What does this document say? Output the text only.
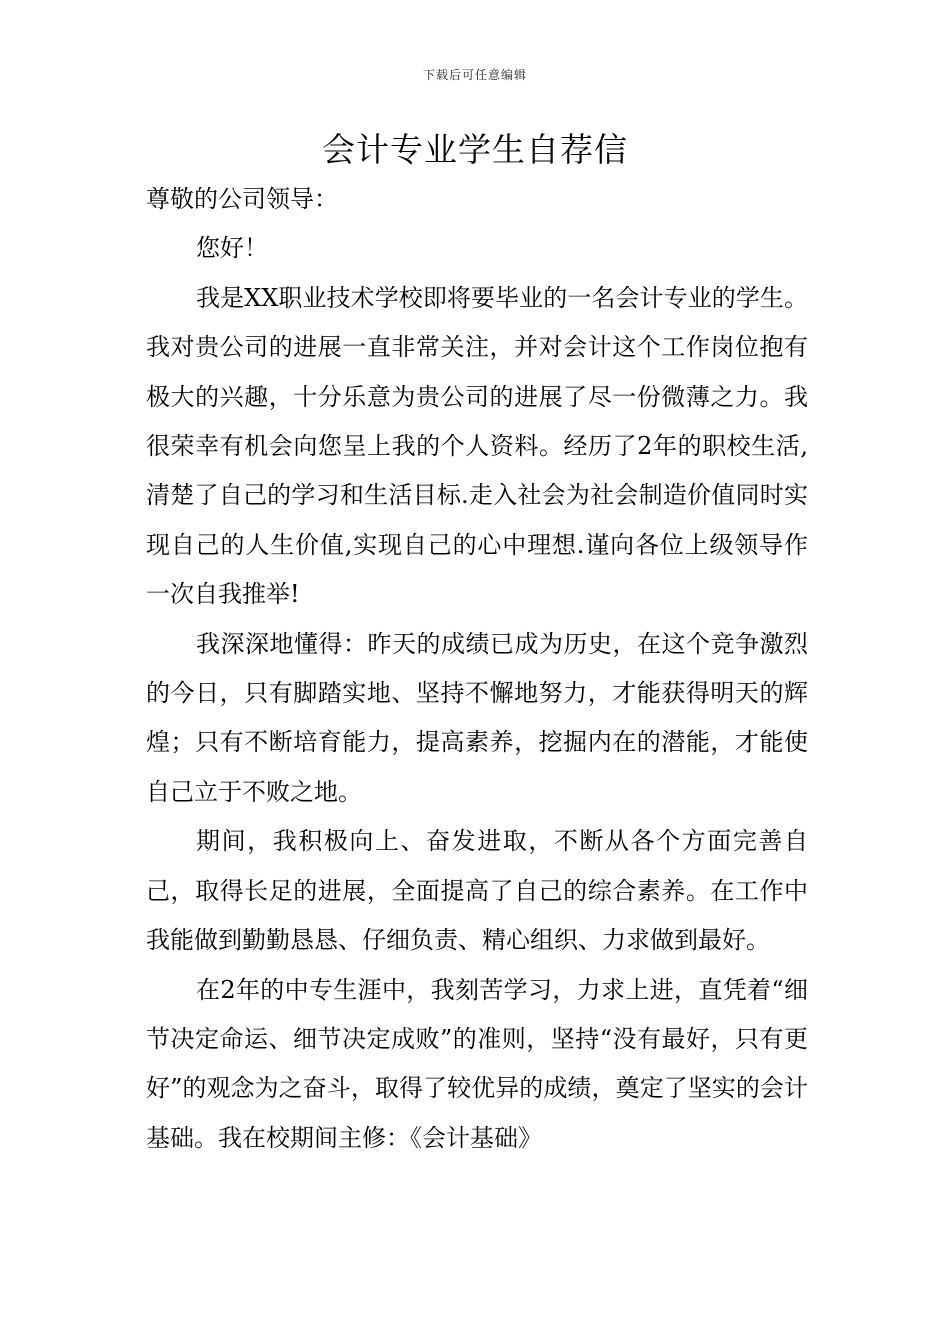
下载后可任意编辑
会计专业学生自荐信

尊敬的公司领导：

您好！

我是XX职业技术学校即将要毕业的一名会计专业的学生。我对贵公司的进展一直非常关注，并对会计这个工作岗位抱有极大的兴趣，十分乐意为贵公司的进展了尽一份微薄之力。我很荣幸有机会向您呈上我的个人资料。经历了2年的职校生活,清楚了自己的学习和生活目标.走入社会为社会制造价值同时实现自己的人生价值,实现自己的心中理想.谨向各位上级领导作一次自我推举!

我深深地懂得：昨天的成绩已成为历史，在这个竞争激烈的今日，只有脚踏实地、坚持不懈地努力，才能获得明天的辉煌；只有不断培育能力，提高素养，挖掘内在的潜能，才能使自己立于不败之地。

期间，我积极向上、奋发进取，不断从各个方面完善自己，取得长足的进展，全面提高了自己的综合素养。在工作中我能做到勤勤恳恳、仔细负责、精心组织、力求做到最好。

在2年的中专生涯中，我刻苦学习，力求上进，直凭着“细节决定命运、细节决定成败”的准则，坚持“没有最好，只有更好”的观念为之奋斗，取得了较优异的成绩，奠定了坚实的会计基础。我在校期间主修：《会计基础》
